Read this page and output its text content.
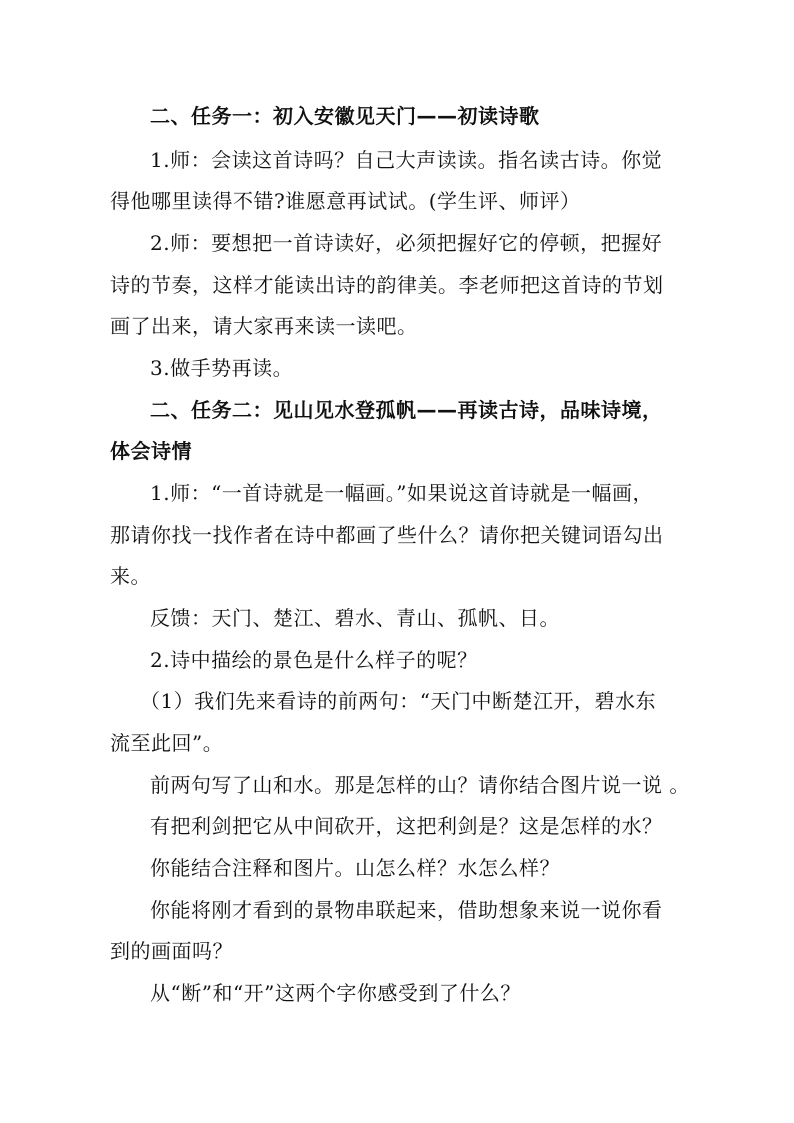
二、任务一：初入安徽见天门——初读诗歌
1.师：会读这首诗吗？自己大声读读。指名读古诗。你觉
得他哪里读得不错?谁愿意再试试。(学生评、师评）
2.师：要想把一首诗读好，必须把握好它的停顿，把握好
诗的节奏，这样才能读出诗的韵律美。李老师把这首诗的节划
画了出来，请大家再来读一读吧。
3.做手势再读。
二、任务二：见山见水登孤帆——再读古诗，品味诗境，
体会诗情
1.师：“一首诗就是一幅画。”如果说这首诗就是一幅画，
那请你找一找作者在诗中都画了些什么？请你把关键词语勾出
来。
反馈：天门、楚江、碧水、青山、孤帆、日。
2.诗中描绘的景色是什么样子的呢？
（1）我们先来看诗的前两句：“天门中断楚江开，碧水东
流至此回”。
前两句写了山和水。那是怎样的山？请你结合图片说一说 。
有把利剑把它从中间砍开，这把利剑是？这是怎样的水？
你能结合注释和图片。山怎么样？水怎么样？
你能将刚才看到的景物串联起来，借助想象来说一说你看
到的画面吗？
从“断”和“开”这两个字你感受到了什么？
